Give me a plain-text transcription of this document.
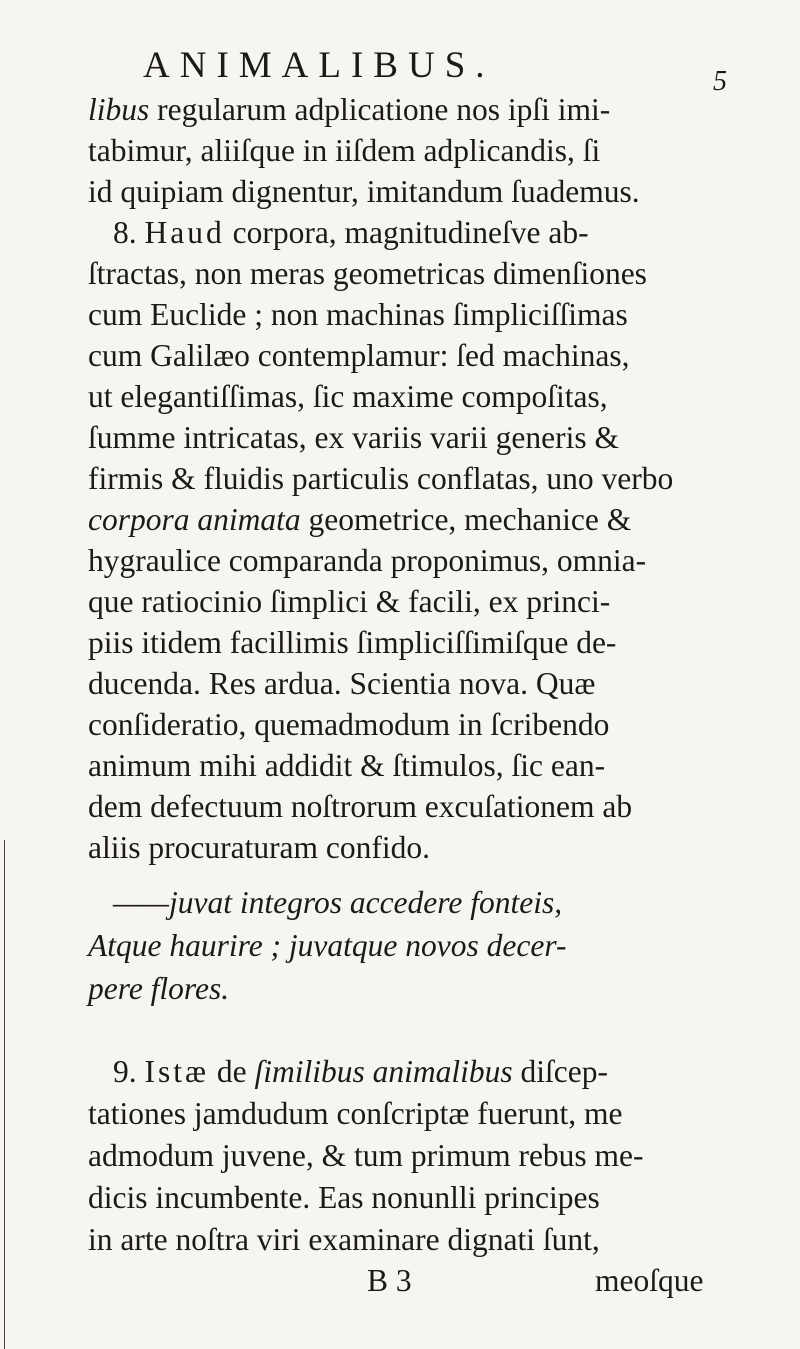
ANIMALIBUS.	5
libus regularum adplicatione nos ipſi imi-
tabimur, aliiſque in iiſdem adplicandis, ſi
id quipiam dignentur, imitandum ſuademus.
8. Haud corpora, magnitudineſve ab-
ſtractas, non meras geometricas dimenſiones
cum Euclide ; non machinas ſimpliciſſimas
cum Galilæo contemplamur: ſed machinas,
ut elegantiſſimas, ſic maxime compoſitas,
ſumme intricatas, ex variis varii generis &
firmis & fluidis particulis conflatas, uno verbo
corpora animata geometrice, mechanice &
hygraulice comparanda proponimus, omnia-
que ratiocinio ſimplici & facili, ex princi-
piis itidem facillimis ſimpliciſſimiſque de-
ducenda. Res ardua. Scientia nova. Quæ
conſideratio, quemadmodum in ſcribendo
animum mihi addidit & ſtimulos, ſic ean-
dem defectuum noſtrorum excuſationem ab
aliis procuraturam confido.
——juvat integros accedere fonteis,
Atque haurire ; juvatque novos decer-
pere flores.
9. Istæ de ſimilibus animalibus diſcep-
tationes jamdudum conſcriptæ fuerunt, me
admodum juvene, & tum primum rebus me-
dicis incumbente. Eas nonunlli principes
in arte noſtra viri examinare dignati ſunt,
B 3	meoſque
